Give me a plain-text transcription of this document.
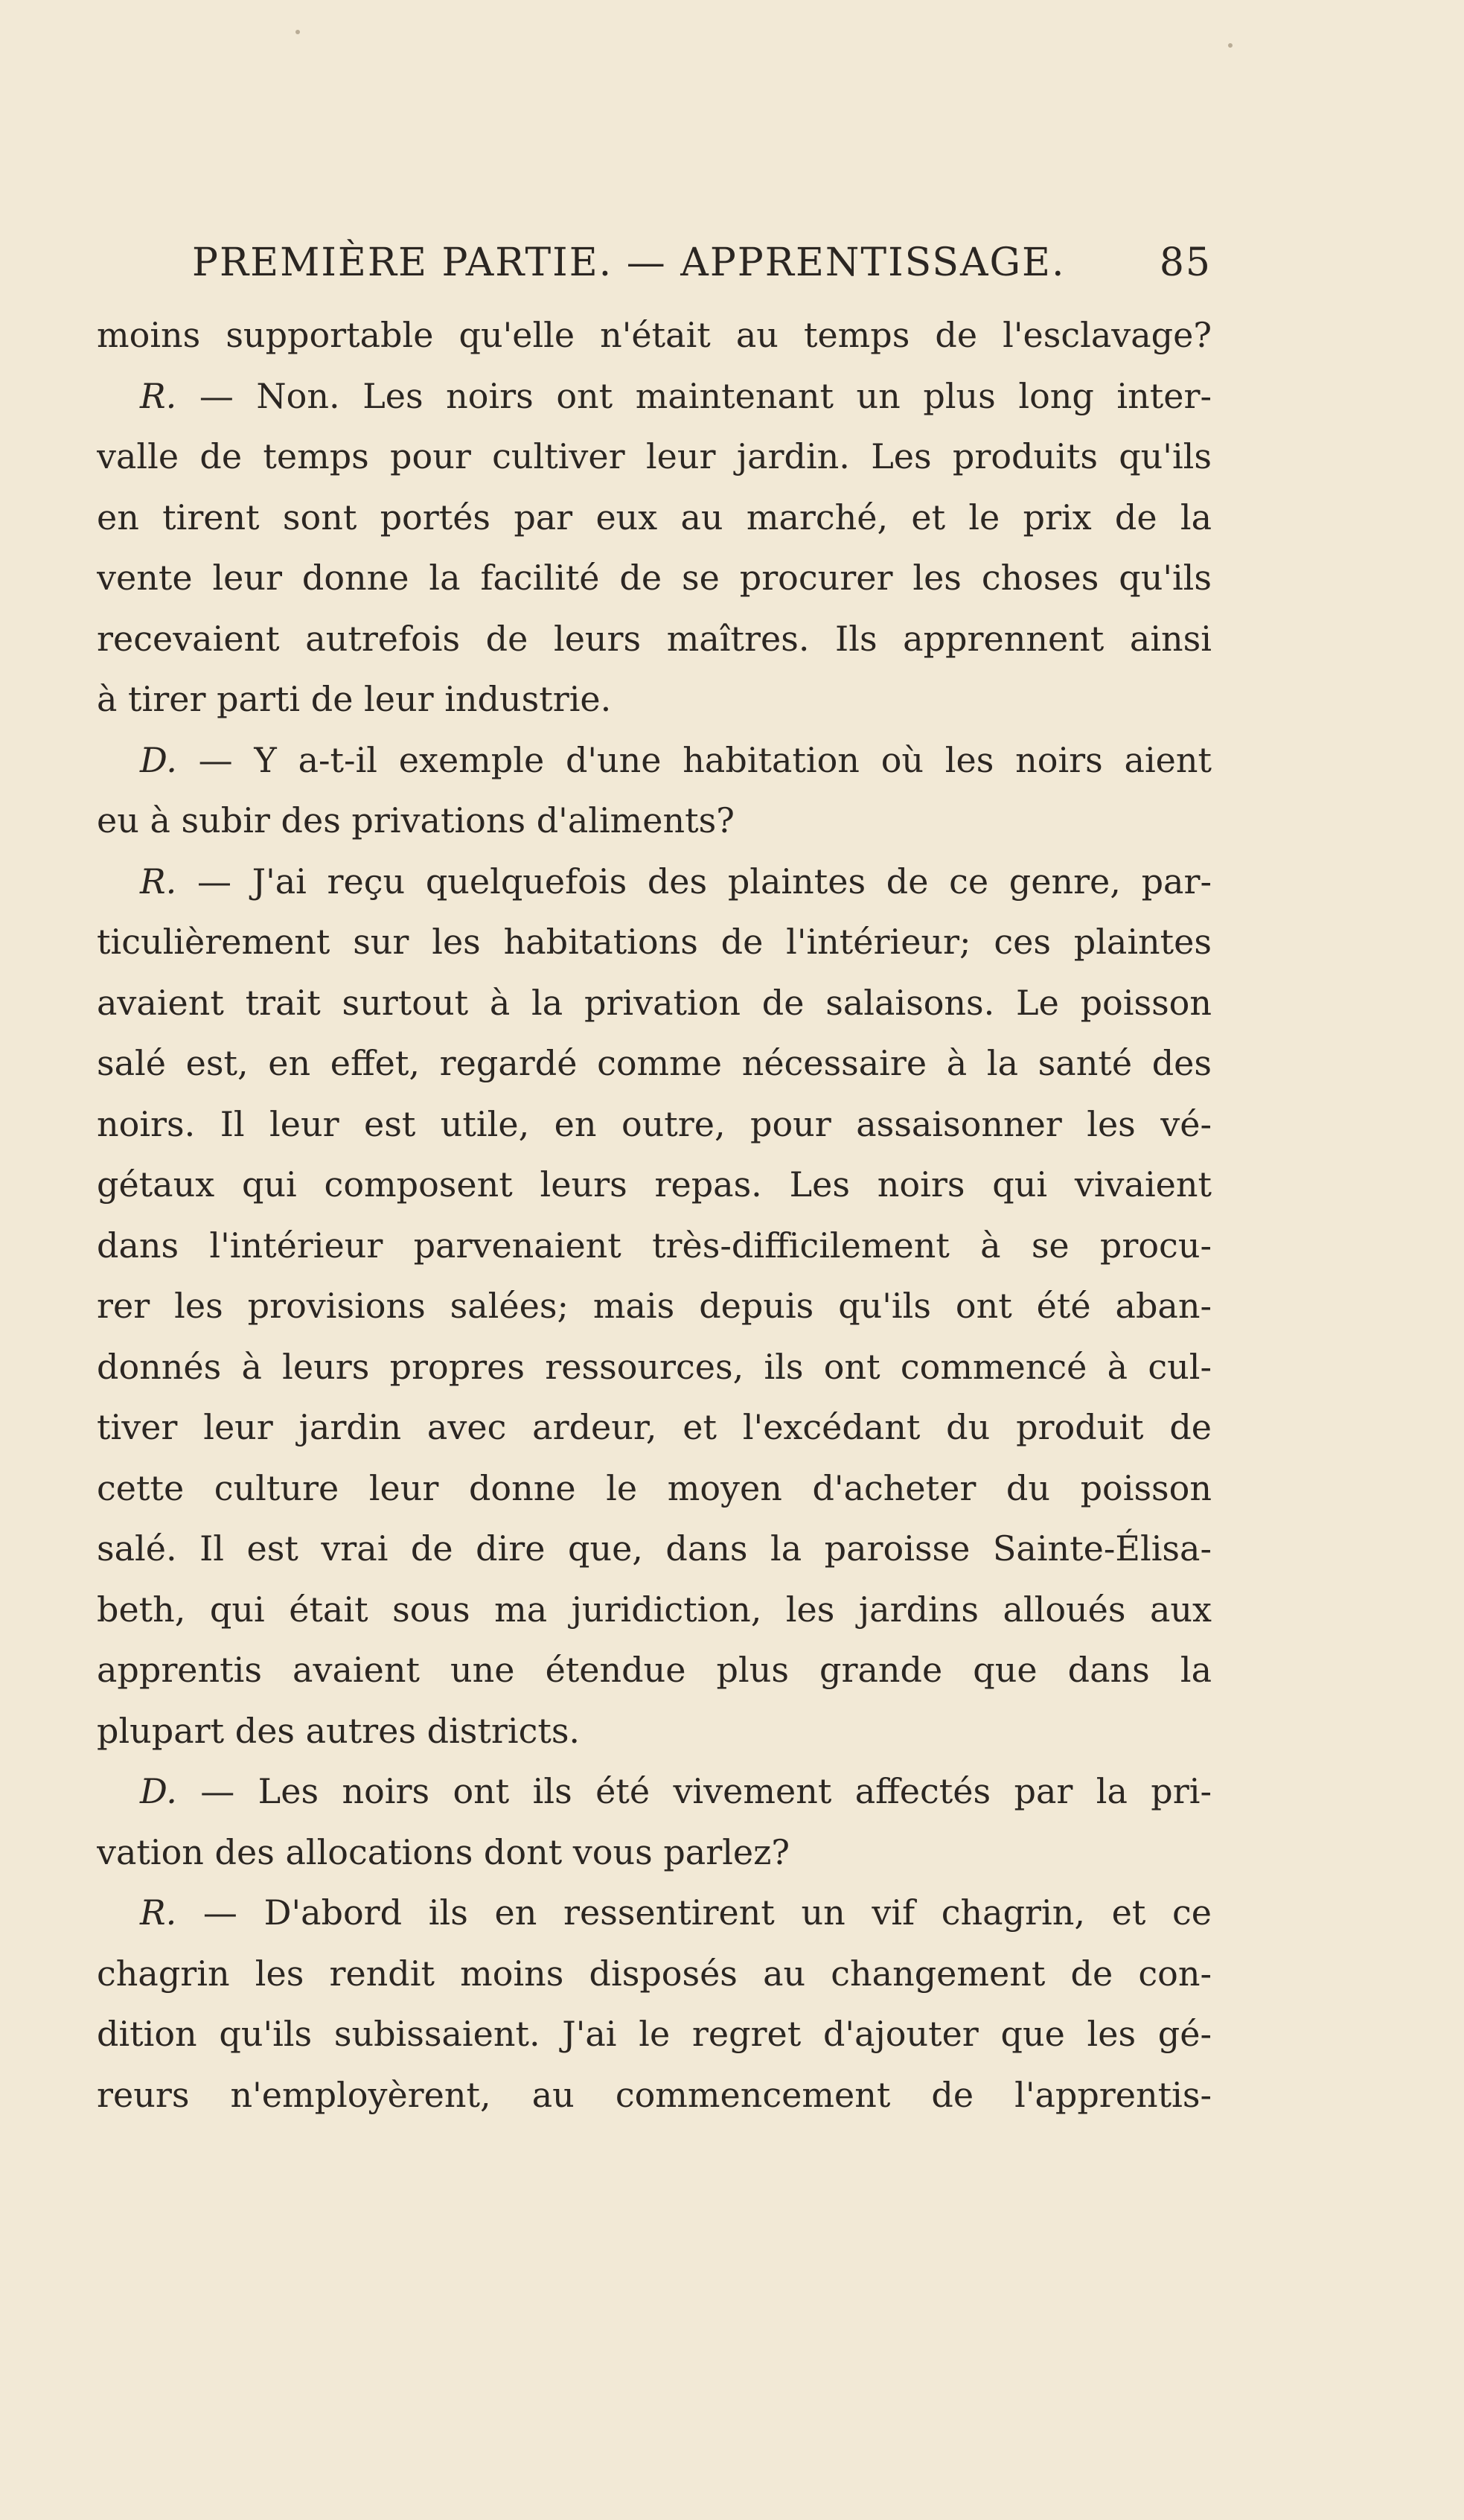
PREMIÈRE PARTIE. — APPRENTISSAGE. 85
moins supportable qu'elle n'était au temps de l'esclavage?
R. — Non. Les noirs ont maintenant un plus long inter-
valle de temps pour cultiver leur jardin. Les produits qu'ils
en tirent sont portés par eux au marché, et le prix de la
vente leur donne la facilité de se procurer les choses qu'ils
recevaient autrefois de leurs maîtres. Ils apprennent ainsi
à tirer parti de leur industrie.
D. — Y a-t-il exemple d'une habitation où les noirs aient
eu à subir des privations d'aliments?
R. — J'ai reçu quelquefois des plaintes de ce genre, par-
ticulièrement sur les habitations de l'intérieur; ces plaintes
avaient trait surtout à la privation de salaisons. Le poisson
salé est, en effet, regardé comme nécessaire à la santé des
noirs. Il leur est utile, en outre, pour assaisonner les vé-
gétaux qui composent leurs repas. Les noirs qui vivaient
dans l'intérieur parvenaient très-difficilement à se procu-
rer les provisions salées; mais depuis qu'ils ont été aban-
donnés à leurs propres ressources, ils ont commencé à cul-
tiver leur jardin avec ardeur, et l'excédant du produit de
cette culture leur donne le moyen d'acheter du poisson
salé. Il est vrai de dire que, dans la paroisse Sainte-Élisa-
beth, qui était sous ma juridiction, les jardins alloués aux
apprentis avaient une étendue plus grande que dans la
plupart des autres districts.
D. — Les noirs ont ils été vivement affectés par la pri-
vation des allocations dont vous parlez?
R. — D'abord ils en ressentirent un vif chagrin, et ce
chagrin les rendit moins disposés au changement de con-
dition qu'ils subissaient. J'ai le regret d'ajouter que les gé-
reurs n'employèrent, au commencement de l'apprentis-
